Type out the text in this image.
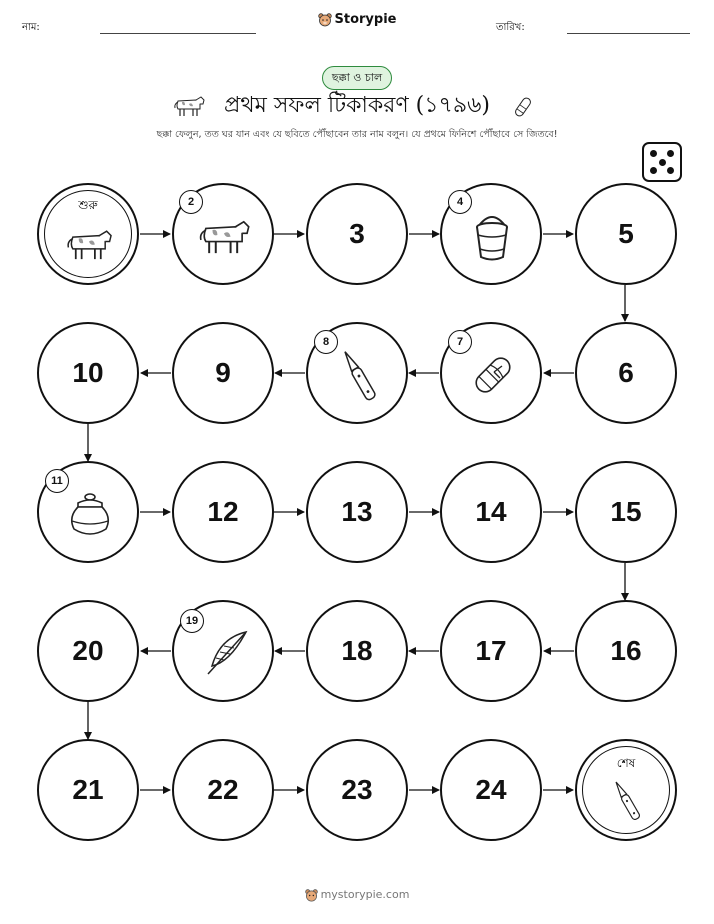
নাম:
Storypie
তারিখ:
ছক্কা ও চাল
প্রথম সফল টিকাকরণ (১৭৯৬)
ছক্কা ফেলুন, তত ঘর যান এবং যে ছবিতে পৌঁছাবেন তার নাম বলুন। যে প্রথমে ফিনিশে পৌঁছাবে সে জিতবে!
শুরু	2
3
4
5
10	9
8	7
6
11
12	13	14	15
20
19
18	17	16
21	22	23	24
শেষ
mystorypie.com
